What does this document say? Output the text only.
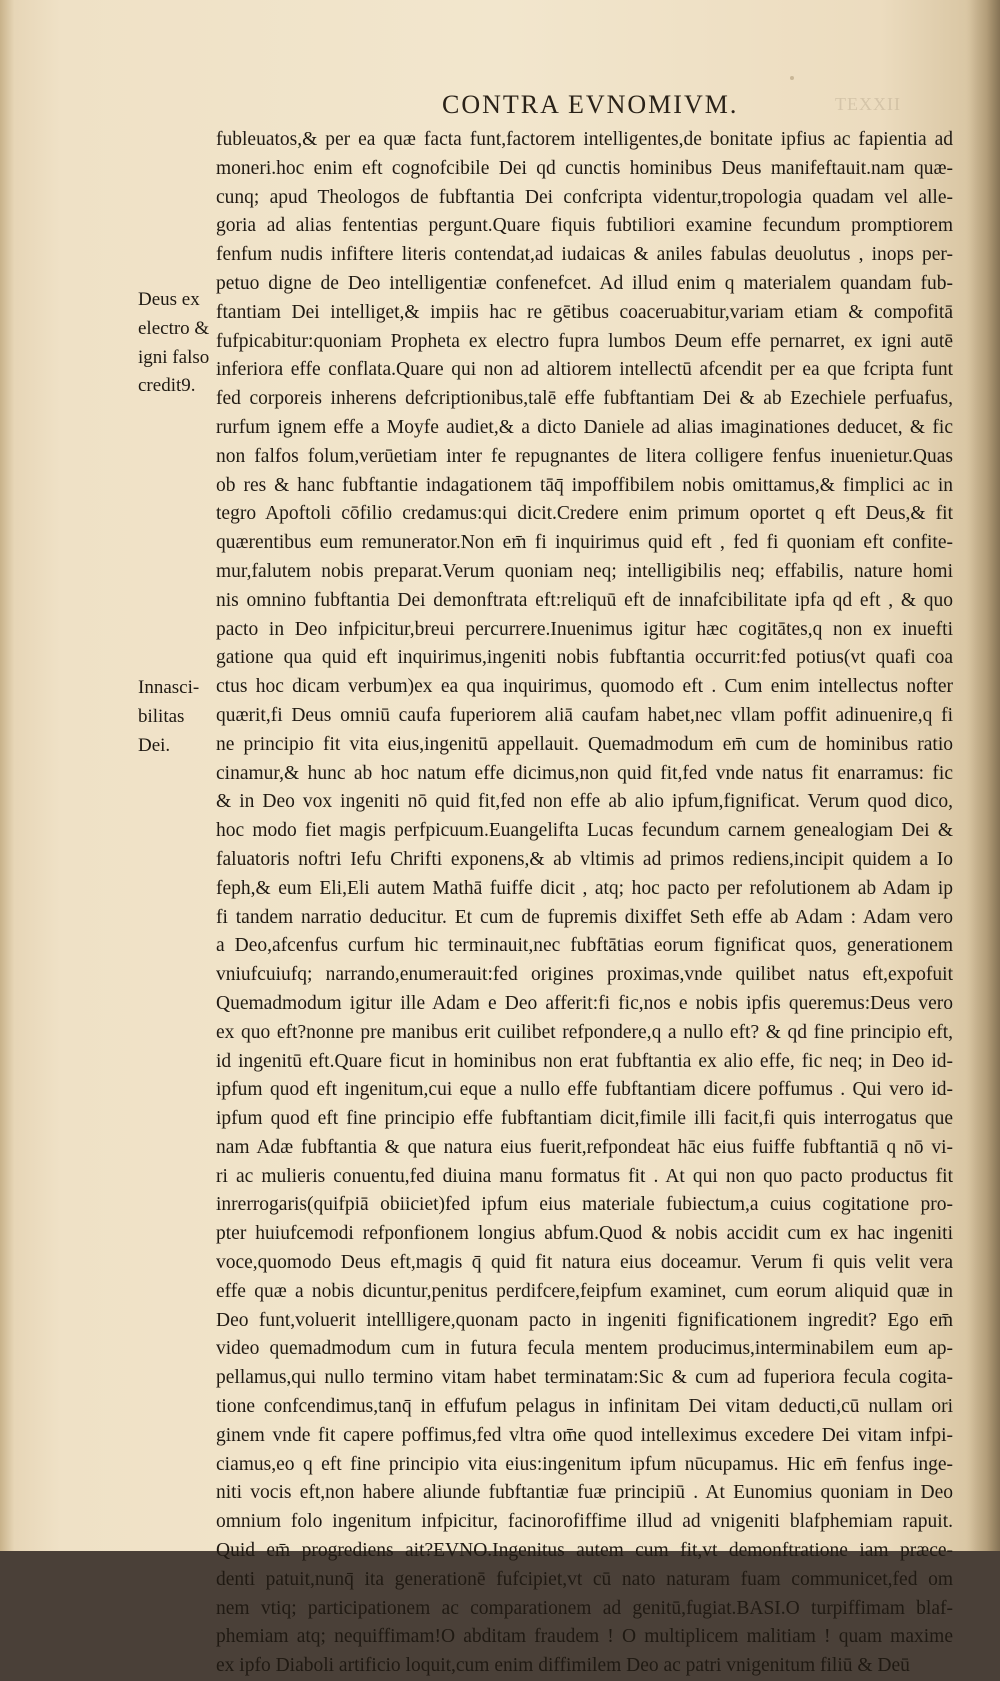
TEXXII
CONTRA EVNOMIVM.
Deus ex
electro &
igni falso
credit9.
Innasci-
bilitas
Dei.
fubleuatos,& per ea quæ facta funt,factorem intelligentes,de bonitate ipfius ac fapientia ad
moneri.hoc enim eft cognofcibile Dei qd cunctis hominibus Deus manifeftauit.nam quæ-
cunq; apud Theologos de fubftantia Dei confcripta videntur,tropologia quadam vel alle-
goria ad alias fententias pergunt.Quare fiquis fubtiliori examine fecundum promptiorem
fenfum nudis infiftere literis contendat,ad iudaicas & aniles fabulas deuolutus , inops per-
petuo digne de Deo intelligentiæ confenefcet. Ad illud enim q materialem quandam fub-
ftantiam Dei intelliget,& impiis hac re gētibus coaceruabitur,variam etiam & compofitā
fufpicabitur:quoniam Propheta ex electro fupra lumbos Deum effe pernarret, ex igni autē
inferiora effe conflata.Quare qui non ad altiorem intellectū afcendit per ea que fcripta funt
fed corporeis inherens defcriptionibus,talē effe fubftantiam Dei & ab Ezechiele perfuafus,
rurfum ignem effe a Moyfe audiet,& a dicto Daniele ad alias imaginationes deducet, & fic
non falfos folum,verūetiam inter fe repugnantes de litera colligere fenfus inuenietur.Quas
ob res & hanc fubftantie indagationem tāq̄ impoffibilem nobis omittamus,& fimplici ac in
tegro Apoftoli cōfilio credamus:qui dicit.Credere enim primum oportet q eft Deus,& fit
quærentibus eum remunerator.Non em̄ fi inquirimus quid eft , fed fi quoniam eft confite-
mur,falutem nobis preparat.Verum quoniam neq; intelligibilis neq; effabilis, nature homi
nis omnino fubftantia Dei demonftrata eft:reliquū eft de innafcibilitate ipfa qd eft , & quo
pacto in Deo infpicitur,breui percurrere.Inuenimus igitur hæc cogitātes,q non ex inuefti
gatione qua quid eft inquirimus,ingeniti nobis fubftantia occurrit:fed potius(vt quafi coa
ctus hoc dicam verbum)ex ea qua inquirimus, quomodo eft . Cum enim intellectus nofter
quærit,fi Deus omniū caufa fuperiorem aliā caufam habet,nec vllam poffit adinuenire,q fi
ne principio fit vita eius,ingenitū appellauit. Quemadmodum em̄ cum de hominibus ratio
cinamur,& hunc ab hoc natum effe dicimus,non quid fit,fed vnde natus fit enarramus: fic
& in Deo vox ingeniti nō quid fit,fed non effe ab alio ipfum,fignificat. Verum quod dico,
hoc modo fiet magis perfpicuum.Euangelifta Lucas fecundum carnem genealogiam Dei &
faluatoris noftri Iefu Chrifti exponens,& ab vltimis ad primos rediens,incipit quidem a Io
feph,& eum Eli,Eli autem Mathā fuiffe dicit , atq; hoc pacto per refolutionem ab Adam ip
fi tandem narratio deducitur. Et cum de fupremis dixiffet Seth effe ab Adam : Adam vero
a Deo,afcenfus curfum hic terminauit,nec fubftātias eorum fignificat quos, generationem
vniufcuiufq; narrando,enumerauit:fed origines proximas,vnde quilibet natus eft,expofuit
Quemadmodum igitur ille Adam e Deo afferit:fi fic,nos e nobis ipfis queremus:Deus vero
ex quo eft?nonne pre manibus erit cuilibet refpondere,q a nullo eft? & qd fine principio eft,
id ingenitū eft.Quare ficut in hominibus non erat fubftantia ex alio effe, fic neq; in Deo id-
ipfum quod eft ingenitum,cui eque a nullo effe fubftantiam dicere poffumus . Qui vero id-
ipfum quod eft fine principio effe fubftantiam dicit,fimile illi facit,fi quis interrogatus que
nam Adæ fubftantia & que natura eius fuerit,refpondeat hāc eius fuiffe fubftantiā q nō vi-
ri ac mulieris conuentu,fed diuina manu formatus fit . At qui non quo pacto productus fit
inrerrogaris(quifpiā obiiciet)fed ipfum eius materiale fubiectum,a cuius cogitatione pro-
pter huiufcemodi refponfionem longius abfum.Quod & nobis accidit cum ex hac ingeniti
voce,quomodo Deus eft,magis q̄ quid fit natura eius doceamur. Verum fi quis velit vera
effe quæ a nobis dicuntur,penitus perdifcere,feipfum examinet, cum eorum aliquid quæ in
Deo funt,voluerit intellligere,quonam pacto in ingeniti fignificationem ingredit? Ego em̄
video quemadmodum cum in futura fecula mentem producimus,interminabilem eum ap-
pellamus,qui nullo termino vitam habet terminatam:Sic & cum ad fuperiora fecula cogita-
tione confcendimus,tanq̄ in effufum pelagus in infinitam Dei vitam deducti,cū nullam ori
ginem vnde fit capere poffimus,fed vltra om̄e quod intelleximus excedere Dei vitam infpi-
ciamus,eo q eft fine principio vita eius:ingenitum ipfum nūcupamus. Hic em̄ fenfus inge-
niti vocis eft,non habere aliunde fubftantiæ fuæ principiū . At Eunomius quoniam in Deo
omnium folo ingenitum infpicitur, facinorofiffime illud ad vnigeniti blafphemiam rapuit.
Quid em̄ progrediens ait?EVNO.Ingenitus autem cum fit,vt demonftratione iam præce-
denti patuit,nunq̄ ita generationē fufcipiet,vt cū nato naturam fuam communicet,fed om
nem vtiq; participationem ac comparationem ad genitū,fugiat.BASI.O turpiffimam blaf-
phemiam atq; nequiffimam!O abditam fraudem ! O multiplicem malitiam ! quam maxime
ex ipfo Diaboli artificio loquit,cum enim diffimilem Deo ac patri vnigenitum filiū & Deū
